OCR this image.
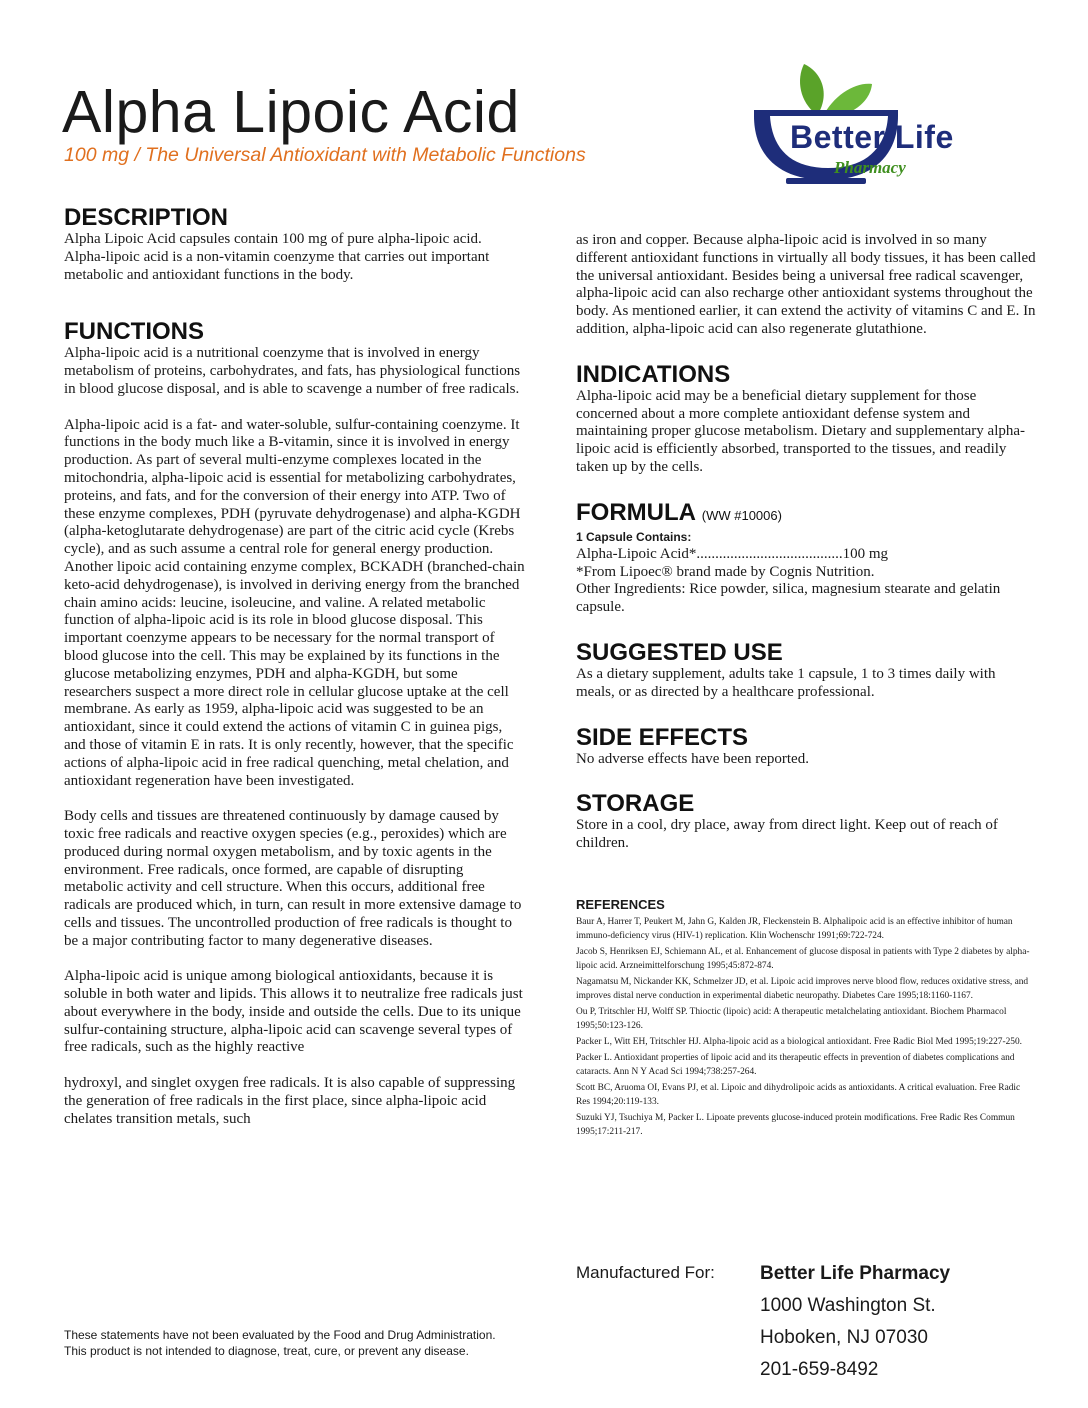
Alpha Lipoic Acid
100 mg / The Universal Antioxidant with Metabolic Functions	Better Life
Pharmacy
DESCRIPTION

Alpha Lipoic Acid capsules contain 100 mg of pure alpha-lipoic acid. Alpha-lipoic acid is a non-vitamin coenzyme that carries out important metabolic and antioxidant functions in the body.

FUNCTIONS

Alpha-lipoic acid is a nutritional coenzyme that is involved in energy metabolism of proteins, carbohydrates, and fats, has physiological functions in blood glucose disposal, and is able to scavenge a number of free radicals.

Alpha-lipoic acid is a fat- and water-soluble, sulfur-containing coenzyme. It functions in the body much like a B-vitamin, since it is involved in energy production. As part of several multi-enzyme complexes located in the mitochondria, alpha-lipoic acid is essential for metabolizing carbohydrates, proteins, and fats, and for the conversion of their energy into ATP. Two of these enzyme complexes, PDH (pyruvate dehydrogenase) and alpha-KGDH (alpha-ketoglutarate dehydrogenase) are part of the citric acid cycle (Krebs cycle), and as such assume a central role for general energy production. Another lipoic acid containing enzyme complex, BCKADH (branched-chain keto-acid dehydrogenase), is involved in deriving energy from the branched chain amino acids: leucine, isoleucine, and valine. A related metabolic function of alpha-lipoic acid is its role in blood glucose disposal. This important coenzyme appears to be necessary for the normal transport of blood glucose into the cell. This may be explained by its functions in the glucose metabolizing enzymes, PDH and alpha-KGDH, but some researchers suspect a more direct role in cellular glucose uptake at the cell membrane. As early as 1959, alpha-lipoic acid was suggested to be an antioxidant, since it could extend the actions of vitamin C in guinea pigs, and those of vitamin E in rats. It is only recently, however, that the specific actions of alpha-lipoic acid in free radical quenching, metal chelation, and antioxidant regeneration have been investigated.

Body cells and tissues are threatened continuously by damage caused by toxic free radicals and reactive oxygen species (e.g., peroxides) which are produced during normal oxygen metabolism, and by toxic agents in the environment. Free radicals, once formed, are capable of disrupting metabolic activity and cell structure. When this occurs, additional free radicals are produced which, in turn, can result in more extensive damage to cells and tissues. The uncontrolled production of free radicals is thought to be a major contributing factor to many degenerative diseases.

Alpha-lipoic acid is unique among biological antioxidants, because it is soluble in both water and lipids. This allows it to neutralize free radicals just about everywhere in the body, inside and outside the cells. Due to its unique sulfur-containing structure, alpha-lipoic acid can scavenge several types of free radicals, such as the highly reactive

hydroxyl, and singlet oxygen free radicals. It is also capable of suppressing the generation of free radicals in the first place, since alpha-lipoic acid chelates transition metals, such

These statements have not been evaluated by the Food and Drug Administration. This product is not intended to diagnose, treat, cure, or prevent any disease.

as iron and copper. Because alpha-lipoic acid is involved in so many different antioxidant functions in virtually all body tissues, it has been called the universal antioxidant. Besides being a universal free radical scavenger, alpha-lipoic acid can also recharge other antioxidant systems throughout the body. As mentioned earlier, it can extend the activity of vitamins C and E. In addition, alpha-lipoic acid can also regenerate glutathione.

INDICATIONS

Alpha-lipoic acid may be a beneficial dietary supplement for those concerned about a more complete antioxidant defense system and maintaining proper glucose metabolism. Dietary and supplementary alpha-lipoic acid is efficiently absorbed, transported to the tissues, and readily taken up by the cells.

FORMULA (WW #10006)
1 Capsule Contains:

Alpha-Lipoic Acid*.......................................100 mg

*From Lipoec® brand made by Cognis Nutrition.

Other Ingredients: Rice powder, silica, magnesium stearate and gelatin capsule.

SUGGESTED USE

As a dietary supplement, adults take 1 capsule, 1 to 3 times daily with meals, or as directed by a healthcare professional.

SIDE EFFECTS

No adverse effects have been reported.

STORAGE

Store in a cool, dry place, away from direct light. Keep out of reach of children.

REFERENCES
Baur A, Harrer T, Peukert M, Jahn G, Kalden JR, Fleckenstein B. Alphalipoic acid is an effective inhibitor of human immuno-deficiency virus (HIV-1) replication. Klin Wochenschr 1991;69:722-724.
Jacob S, Henriksen EJ, Schiemann AL, et al. Enhancement of glucose disposal in patients with Type 2 diabetes by alpha-lipoic acid. Arzneimittelforschung 1995;45:872-874.
Nagamatsu M, Nickander KK, Schmelzer JD, et al. Lipoic acid improves nerve blood flow, reduces oxidative stress, and improves distal nerve conduction in experimental diabetic neuropathy. Diabetes Care 1995;18:1160-1167.
Ou P, Tritschler HJ, Wolff SP. Thioctic (lipoic) acid: A therapeutic metalchelating antioxidant. Biochem Pharmacol 1995;50:123-126.
Packer L, Witt EH, Tritschler HJ. Alpha-lipoic acid as a biological antioxidant. Free Radic Biol Med 1995;19:227-250.
Packer L. Antioxidant properties of lipoic acid and its therapeutic effects in prevention of diabetes complications and cataracts. Ann N Y Acad Sci 1994;738:257-264.
Scott BC, Aruoma OI, Evans PJ, et al. Lipoic and dihydrolipoic acids as antioxidants. A critical evaluation. Free Radic Res 1994;20:119-133.
Suzuki YJ, Tsuchiya M, Packer L. Lipoate prevents glucose-induced protein modifications. Free Radic Res Commun 1995;17:211-217.
Manufactured For: Better Life Pharmacy
1000 Washington St.
Hoboken, NJ 07030
201-659-8492
